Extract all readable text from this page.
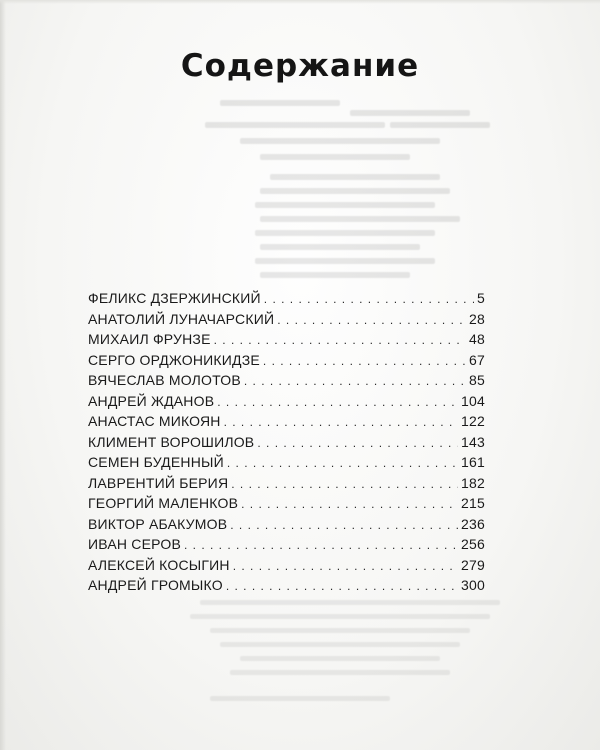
Содержание
ФЕЛИКС ДЗЕРЖИНСКИЙ . . .	5
АНАТОЛИЙ ЛУНАЧАРСКИЙ . . .	28
МИХАИЛ ФРУНЗЕ . . .	48
СЕРГО ОРДЖОНИКИДЗЕ . . .	67
ВЯЧЕСЛАВ МОЛОТОВ . . .	85
АНДРЕЙ ЖДАНОВ . . .	104
АНАСТАС МИКОЯН . . .	122
КЛИМЕНТ ВОРОШИЛОВ . . .	143
СЕМЕН БУДЕННЫЙ . . .	161
ЛАВРЕНТИЙ БЕРИЯ . . .	182
ГЕОРГИЙ МАЛЕНКОВ . . .	215
ВИКТОР АБАКУМОВ . . .	236
ИВАН СЕРОВ . . .	256
АЛЕКСЕЙ КОСЫГИН . . .	279
АНДРЕЙ ГРОМЫКО . . .	300
